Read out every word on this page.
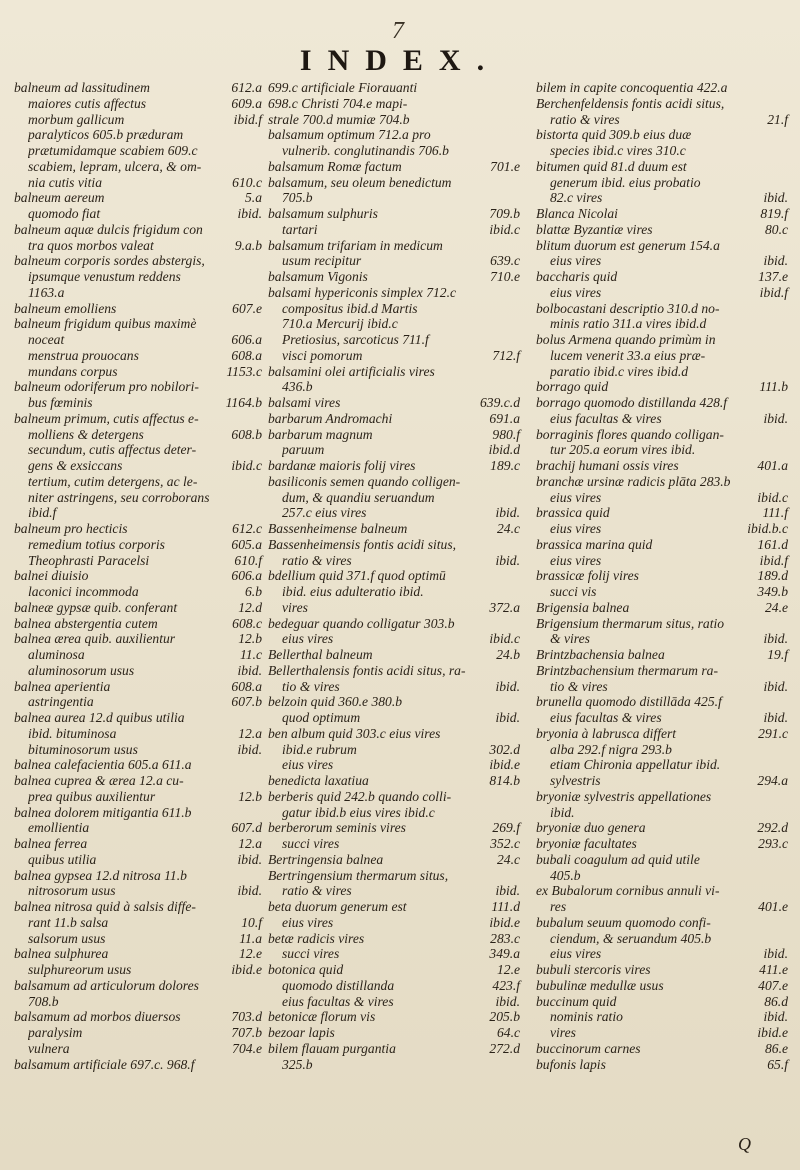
7
INDEX.
balneum ad lassitudinem	612.a
maiores cutis affectus	609.a
morbum gallicum	ibid.f
paralyticos 605.b præduram
prætumidamque scabiem 609.c
scabiem, lepram, ulcera, & om-
nia cutis vitia	610.c
balneum aereum	5.a
quomodo fiat	ibid.
balneum aquæ dulcis frigidum con
tra quos morbos valeat	9.a.b
balneum corporis sordes abstergis,
ipsumque venustum reddens
1163.a
balneum emolliens	607.e
balneum frigidum quibus maximè
noceat	606.a
menstrua prouocans	608.a
mundans corpus	1153.c
balneum odoriferum pro nobilori-
bus fœminis	1164.b
balneum primum, cutis affectus e-
molliens & detergens	608.b
secundum, cutis affectus deter-
gens & exsiccans	ibid.c
tertium, cutim detergens, ac le-
niter astringens, seu corroborans
ibid.f
balneum pro hecticis	612.c
remedium totius corporis	605.a
Theophrasti Paracelsi	610.f
balnei diuisio	606.a
laconici incommoda	6.b
balneæ gypsæ quib. conferant	12.d
balnea abstergentia cutem	608.c
balnea ærea quib. auxilientur	12.b
aluminosa	11.c
aluminosorum usus	ibid.
balnea aperientia	608.a
astringentia	607.b
balnea aurea 12.d quibus utilia
ibid. bituminosa	12.a
bituminosorum usus	ibid.
balnea calefacientia 605.a 611.a
balnea cuprea & ærea 12.a cu-
prea quibus auxilientur	12.b
balnea dolorem mitigantia 611.b
emollientia	607.d
balnea ferrea	12.a
quibus utilia	ibid.
balnea gypsea 12.d nitrosa 11.b
nitrosorum usus	ibid.
balnea nitrosa quid à salsis diffe-
rant 11.b salsa	10.f
salsorum usus	11.a
balnea sulphurea	12.e
sulphureorum usus	ibid.e
balsamum ad articulorum dolores
708.b
balsamum ad morbos diuersos	703.d
paralysim	707.b
vulnera	704.e
balsamum artificiale 697.c. 968.f
699.c artificiale Fiorauanti
698.c Christi 704.e mapi-
strale 700.d mumiæ 704.b
balsamum optimum 712.a pro
vulnerib. conglutinandis 706.b
balsamum Romæ factum	701.e
balsamum, seu oleum benedictum
705.b
balsamum sulphuris	709.b
tartari	ibid.c
balsamum trifariam in medicum
usum recipitur	639.c
balsamum Vigonis	710.e
balsami hypericonis simplex 712.c
compositus ibid.d Martis
710.a Mercurij ibid.c
Pretiosius, sarcoticus 711.f
visci pomorum	712.f
balsamini olei artificialis vires
436.b
balsami vires	639.c.d
barbarum Andromachi	691.a
barbarum magnum	980.f
paruum	ibid.d
bardanæ maioris folij vires	189.c
basiliconis semen quando colligen-
dum, & quandiu seruandum
257.c eius vires	ibid.
Bassenheimense balneum	24.c
Bassenheimensis fontis acidi situs,
ratio & vires	ibid.
bdellium quid 371.f quod optimū
ibid. eius adulteratio ibid.
vires	372.a
bedeguar quando colligatur 303.b
eius vires	ibid.c
Bellerthal balneum	24.b
Bellerthalensis fontis acidi situs, ra-
tio & vires	ibid.
belzoin quid 360.e 380.b
quod optimum	ibid.
ben album quid 303.c eius vires
ibid.e rubrum	302.d
eius vires	ibid.e
benedicta laxatiua	814.b
berberis quid 242.b quando colli-
gatur ibid.b eius vires ibid.c
berberorum seminis vires	269.f
succi vires	352.c
Bertringensia balnea	24.c
Bertringensium thermarum situs,
ratio & vires	ibid.
beta duorum generum est	111.d
eius vires	ibid.e
betæ radicis vires	283.c
succi vires	349.a
botonica quid	12.e
quomodo distillanda	423.f
eius facultas & vires	ibid.
betonicæ florum vis	205.b
bezoar lapis	64.c
bilem flauam purgantia	272.d
325.b
bilem in capite concoquentia 422.a
Berchenfeldensis fontis acidi situs,
ratio & vires	21.f
bistorta quid 309.b eius duæ
species ibid.c vires 310.c
bitumen quid 81.d duum est
generum ibid. eius probatio
82.c vires	ibid.
Blanca Nicolai	819.f
blattæ Byzantiæ vires	80.c
blitum duorum est generum 154.a
eius vires	ibid.
baccharis quid	137.e
eius vires	ibid.f
bolbocastani descriptio 310.d no-
minis ratio 311.a vires ibid.d
bolus Armena quando primùm in
lucem venerit 33.a eius præ-
paratio ibid.c vires ibid.d
borrago quid	111.b
borrago quomodo distillanda 428.f
eius facultas & vires	ibid.
borraginis flores quando colligan-
tur 205.a eorum vires ibid.
brachij humani ossis vires	401.a
branchæ ursinæ radicis plāta 283.b
eius vires	ibid.c
brassica quid	111.f
eius vires	ibid.b.c
brassica marina quid	161.d
eius vires	ibid.f
brassicæ folij vires	189.d
succi vis	349.b
Brigensia balnea	24.e
Brigensium thermarum situs, ratio
& vires	ibid.
Brintzbachensia balnea	19.f
Brintzbachensium thermarum ra-
tio & vires	ibid.
brunella quomodo distillāda 425.f
eius facultas & vires	ibid.
bryonia à labrusca differt	291.c
alba 292.f nigra 293.b
etiam Chironia appellatur ibid.
sylvestris	294.a
bryoniæ sylvestris appellationes
ibid.
bryoniæ duo genera	292.d
bryoniæ facultates	293.c
bubali coagulum ad quid utile
405.b
ex Bubalorum cornibus annuli vi-
res	401.e
bubalum seuum quomodo confi-
ciendum, & seruandum 405.b
eius vires	ibid.
bubuli stercoris vires	411.e
bubulinæ medullæ usus	407.e
buccinum quid	86.d
nominis ratio	ibid.
vires	ibid.e
buccinorum carnes	86.e
bufonis lapis	65.f
Q
